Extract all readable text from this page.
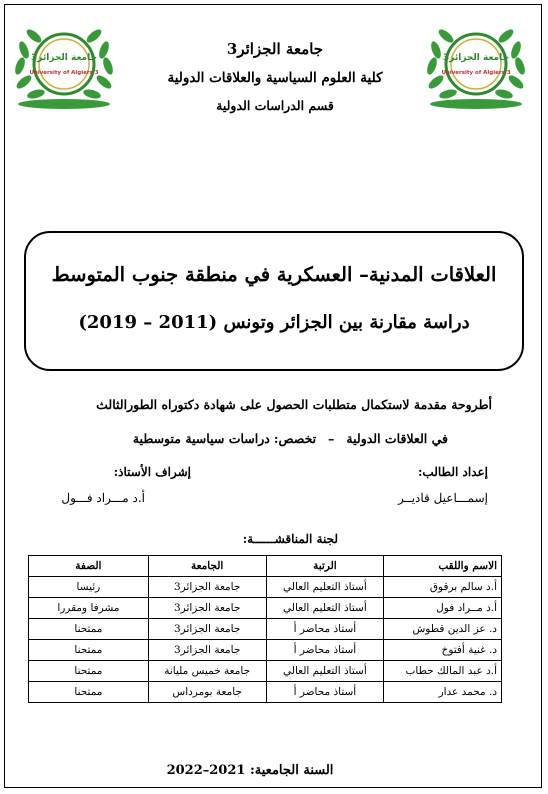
جامعة الجزائر3
University of Algiers 3
جامعة الجزائر3
University of Algiers 3
جامعة الجزائر3
كلية العلوم السياسية والعلاقات الدولية
قسم الدراسات الدولية
العلاقات المدنية– العسكرية في منطقة جنوب المتوسط
دراسة مقارنة بين الجزائر وتونس (2011 – 2019)
أطروحة مقدمة لاستكمال متطلبات الحصول على شهادة دكتوراه الطورالثالث
في العلاقات الدولية–تخصص:دراسات سياسية متوسطية
إعداد الطالب:
إشراف الأستاذ:
إسمـــاعيل قاديــر
أ.د مـــراد فـــول
لجنة المناقشــــــة:
الاسم واللقب	الرتبة	الجامعة	الصفة
أ.د سالم برقوق	أستاذ التعليم العالي	جامعة الجزائر3	رئيسا
أ.د مــراد فول	أستاذ التعليم العالي	جامعة الجزائر3	مشرفا ومقررا
د. عز الدين قطوش	أستاذ محاضر أ	جامعة الجزائر3	ممتحنا
د. غنية أفتوخ	أستاذ محاضر أ	جامعة الجزائر3	ممتحنا
أ.د عبد المالك حطاب	أستاذ التعليم العالي	جامعة خميس مليانة	ممتحنا
د. محمد عدار	أستاذ محاضر أ	جامعة بومرداس	ممتحنا
السنة الجامعية: 2021–2022
